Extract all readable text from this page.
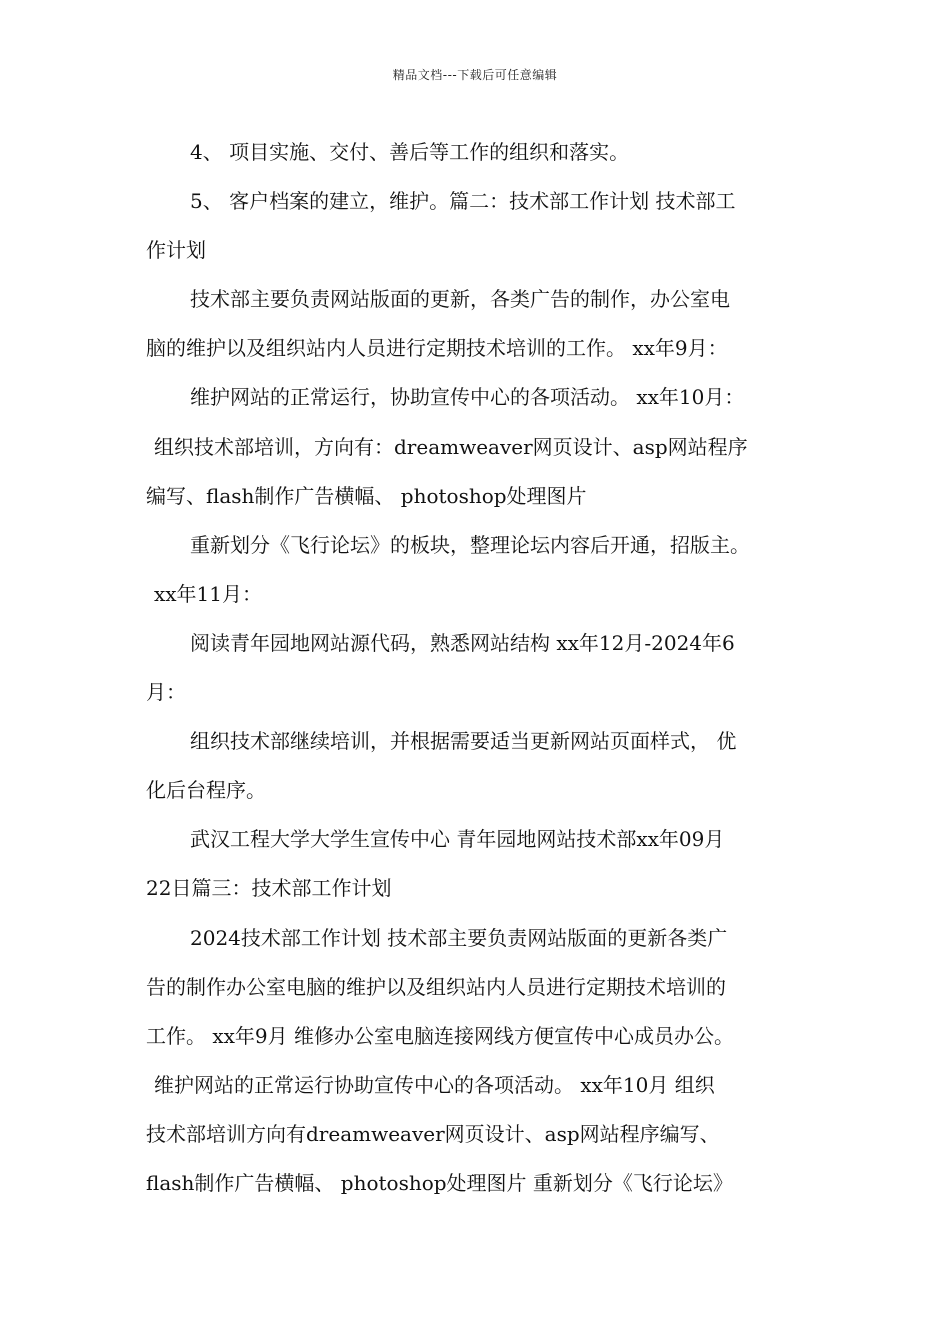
精品文档---下载后可任意编辑
4、 项目实施、交付、善后等工作的组织和落实。
5、 客户档案的建立，维护。篇二：技术部工作计划 技术部工
作计划
技术部主要负责网站版面的更新，各类广告的制作，办公室电
脑的维护以及组织站内人员进行定期技术培训的工作。 xx年9月：
维护网站的正常运行，协助宣传中心的各项活动。 xx年10月：
组织技术部培训，方向有：dreamweaver网页设计、asp网站程序
编写、flash制作广告横幅、 photoshop处理图片
重新划分《飞行论坛》的板块，整理论坛内容后开通，招版主。
xx年11月：
阅读青年园地网站源代码，熟悉网站结构 xx年12月-2024年6
月：
组织技术部继续培训，并根据需要适当更新网站页面样式， 优
化后台程序。
武汉工程大学大学生宣传中心 青年园地网站技术部xx年09月
22日篇三：技术部工作计划
2024技术部工作计划 技术部主要负责网站版面的更新各类广
告的制作办公室电脑的维护以及组织站内人员进行定期技术培训的
工作。 xx年9月 维修办公室电脑连接网线方便宣传中心成员办公。
维护网站的正常运行协助宣传中心的各项活动。 xx年10月 组织
技术部培训方向有dreamweaver网页设计、asp网站程序编写、
flash制作广告横幅、 photoshop处理图片 重新划分《飞行论坛》
